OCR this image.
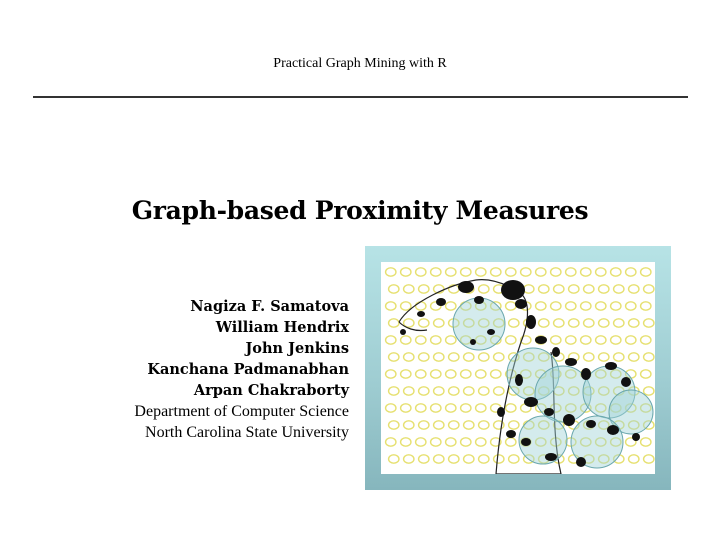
Practical Graph Mining with R
Graph-based Proximity Measures
Nagiza F. Samatova
William Hendrix
John Jenkins
Kanchana Padmanabhan
Arpan Chakraborty
Department of Computer Science
North Carolina State University
